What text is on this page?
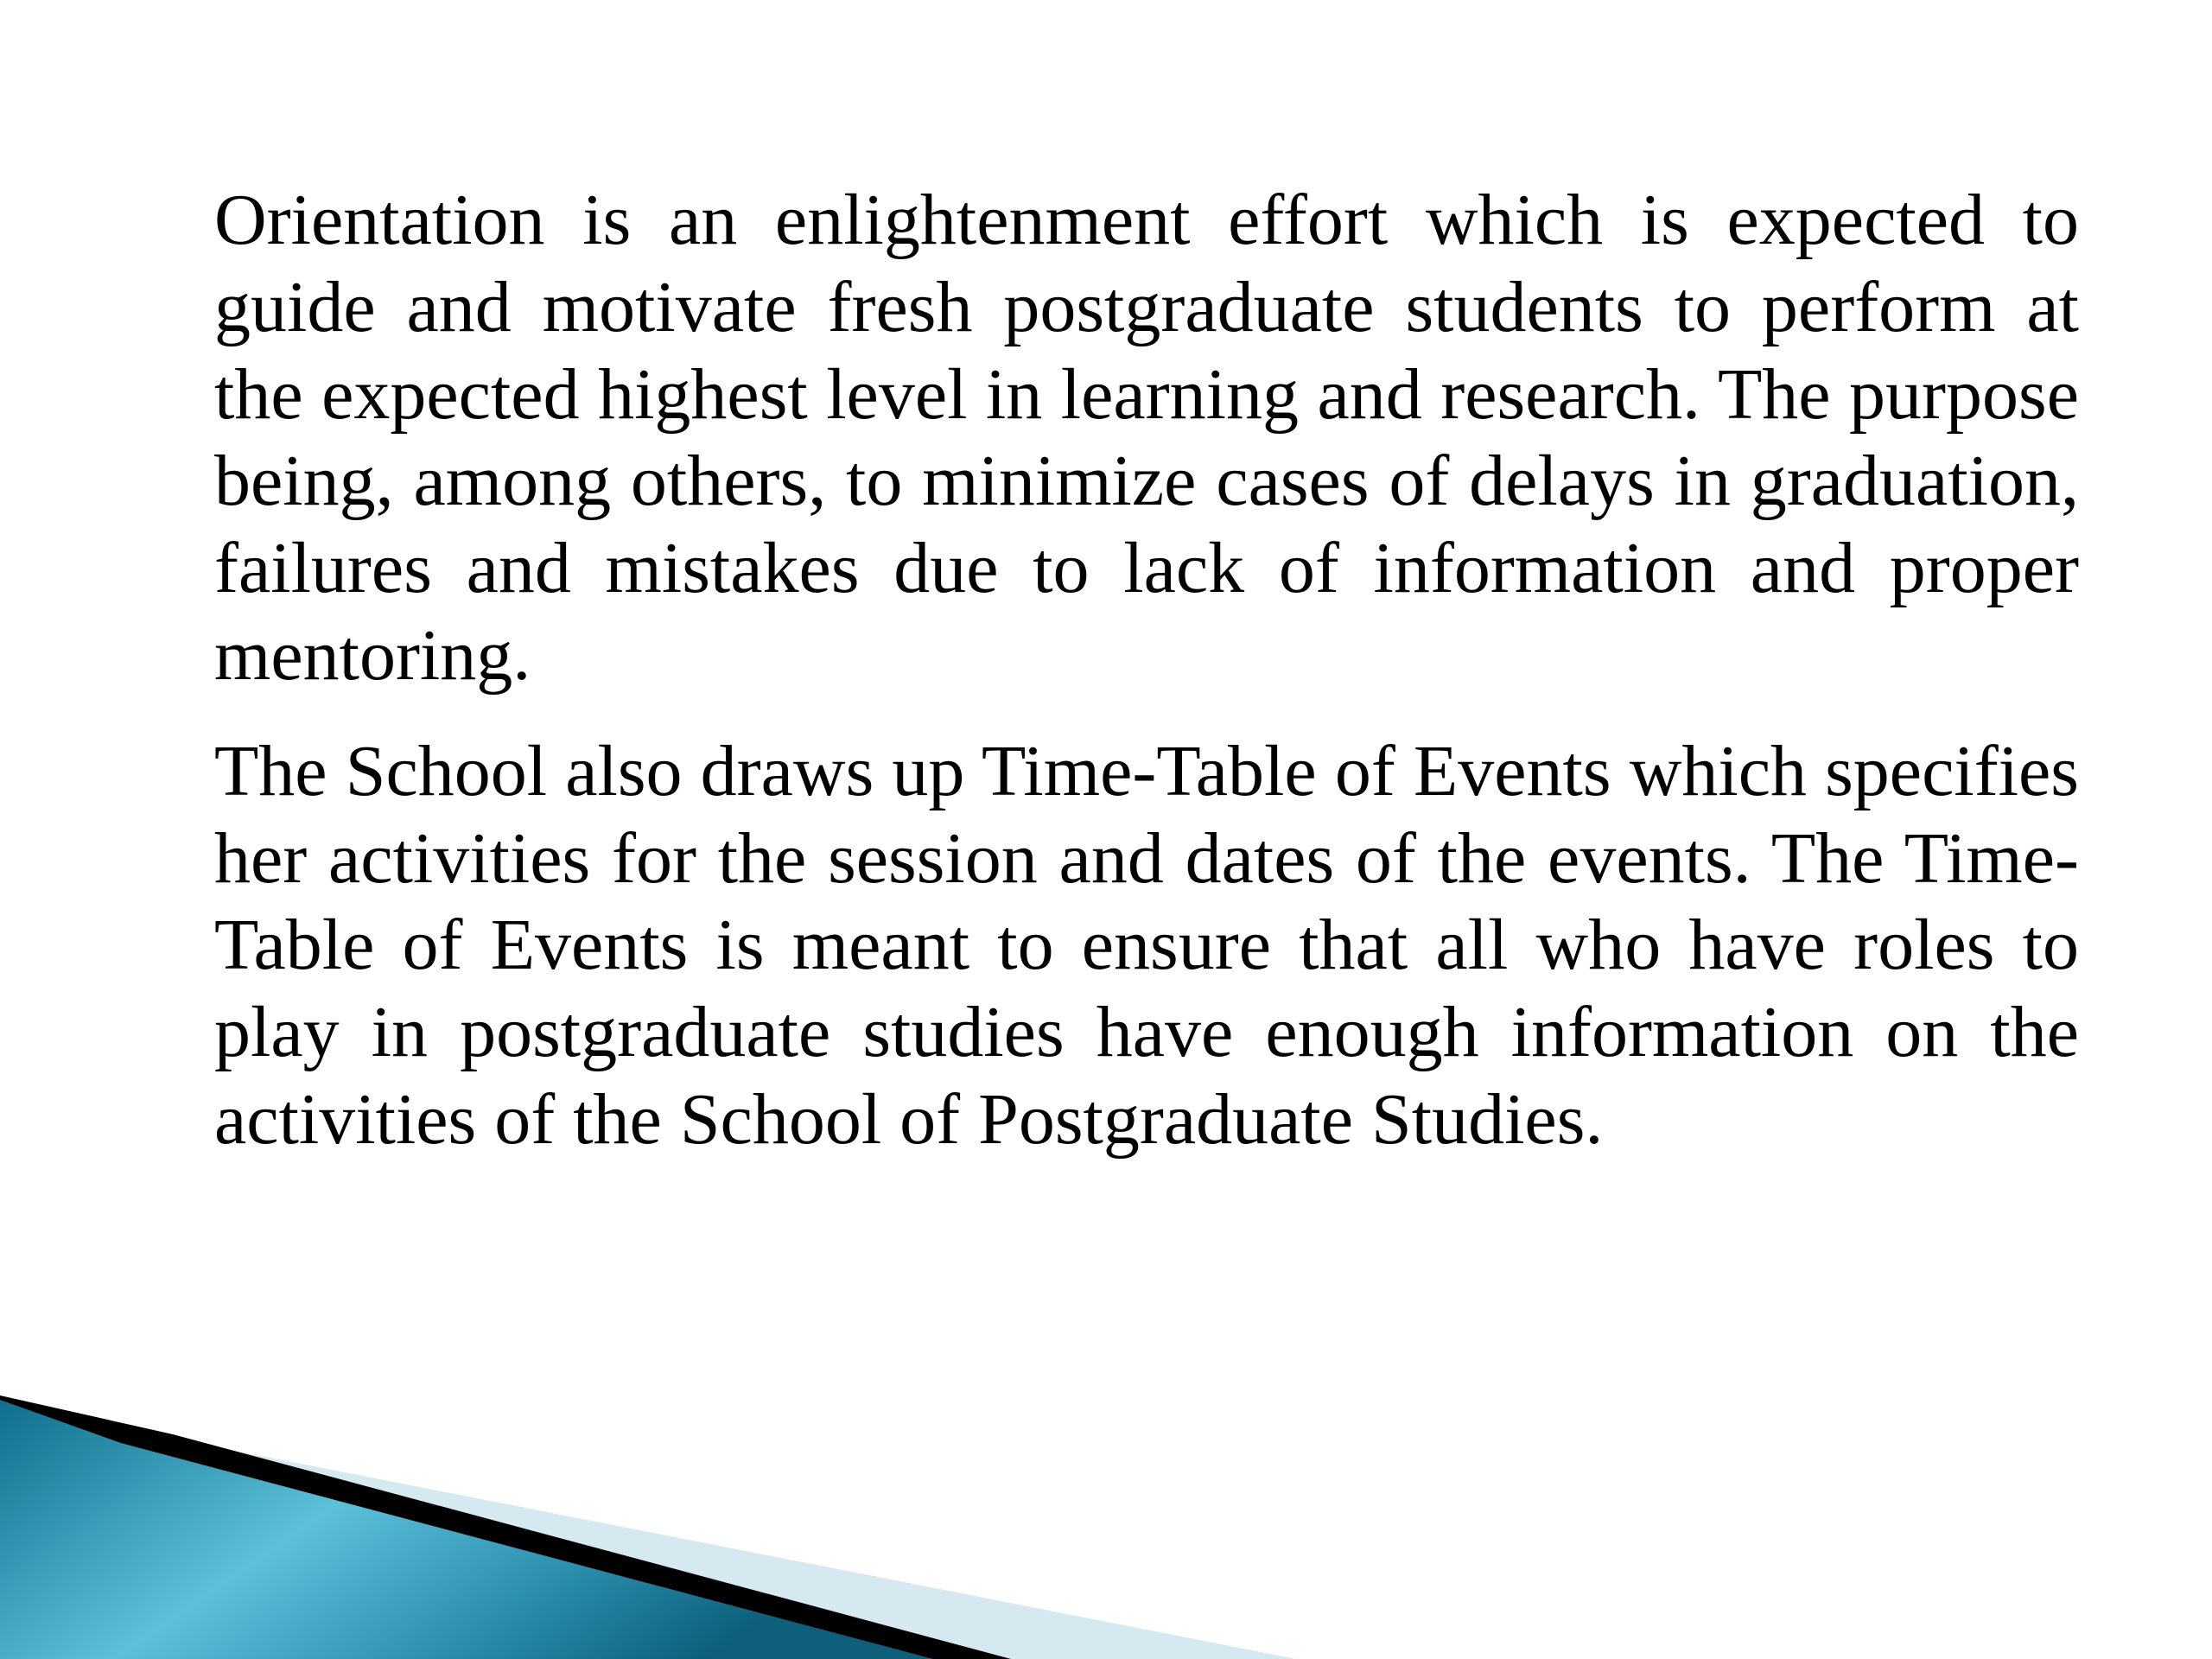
Orientation is an enlightenment effort which is expected to guide and motivate fresh postgraduate students to perform at the expected highest level in learning and research. The purpose being, among others, to minimize cases of delays in graduation, failures and mistakes due to lack of information and proper mentoring.

The School also draws up Time-Table of Events which specifies her activities for the session and dates of the events. The Time-Table of Events is meant to ensure that all who have roles to play in postgraduate studies have enough information on the activities of the School of Postgraduate Studies.
